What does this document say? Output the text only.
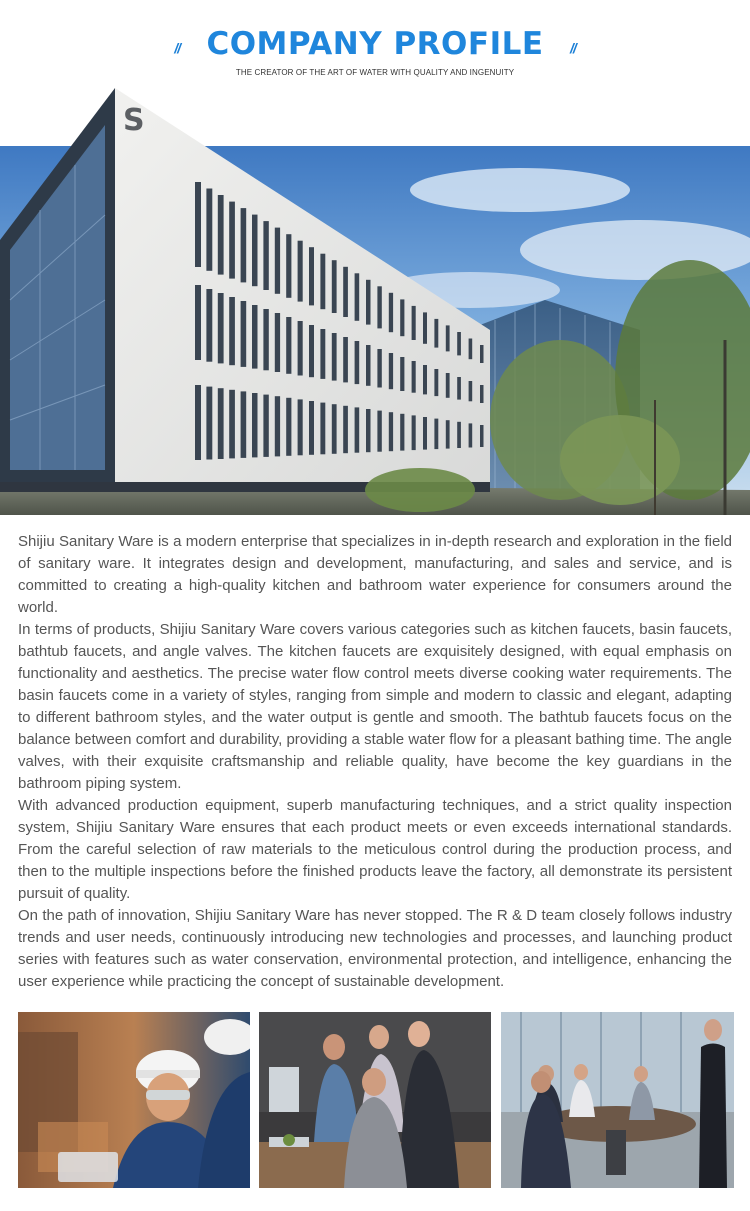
// COMPANY PROFILE //
THE CREATOR OF THE ART OF WATER WITH QUALITY AND INGENUITY
S

Shijiu Sanitary Ware is a modern enterprise that specializes in in-depth research and exploration in the field of sanitary ware. It integrates design and development, manufacturing, and sales and service, and is committed to creating a high-quality kitchen and bathroom water experience for consumers around the world.

In terms of products, Shijiu Sanitary Ware covers various categories such as kitchen faucets, basin faucets, bathtub faucets, and angle valves. The kitchen faucets are exquisitely designed, with equal emphasis on functionality and aesthetics. The precise water flow control meets diverse cooking water requirements. The basin faucets come in a variety of styles, ranging from simple and modern to classic and elegant, adapting to different bathroom styles, and the water output is gentle and smooth. The bathtub faucets focus on the balance between comfort and durability, providing a stable water flow for a pleasant bathing time. The angle valves, with their exquisite craftsmanship and reliable quality, have become the key guardians in the bathroom piping system.

With advanced production equipment, superb manufacturing techniques, and a strict quality inspection system, Shijiu Sanitary Ware ensures that each product meets or even exceeds international standards. From the careful selection of raw materials to the meticulous control during the production process, and then to the multiple inspections before the finished products leave the factory, all demonstrate its persistent pursuit of quality.

On the path of innovation, Shijiu Sanitary Ware has never stopped. The R & D team closely follows industry trends and user needs, continuously introducing new technologies and processes, and launching product series with features such as water conservation, environmental protection, and intelligence, enhancing the user experience while practicing the concept of sustainable development.
